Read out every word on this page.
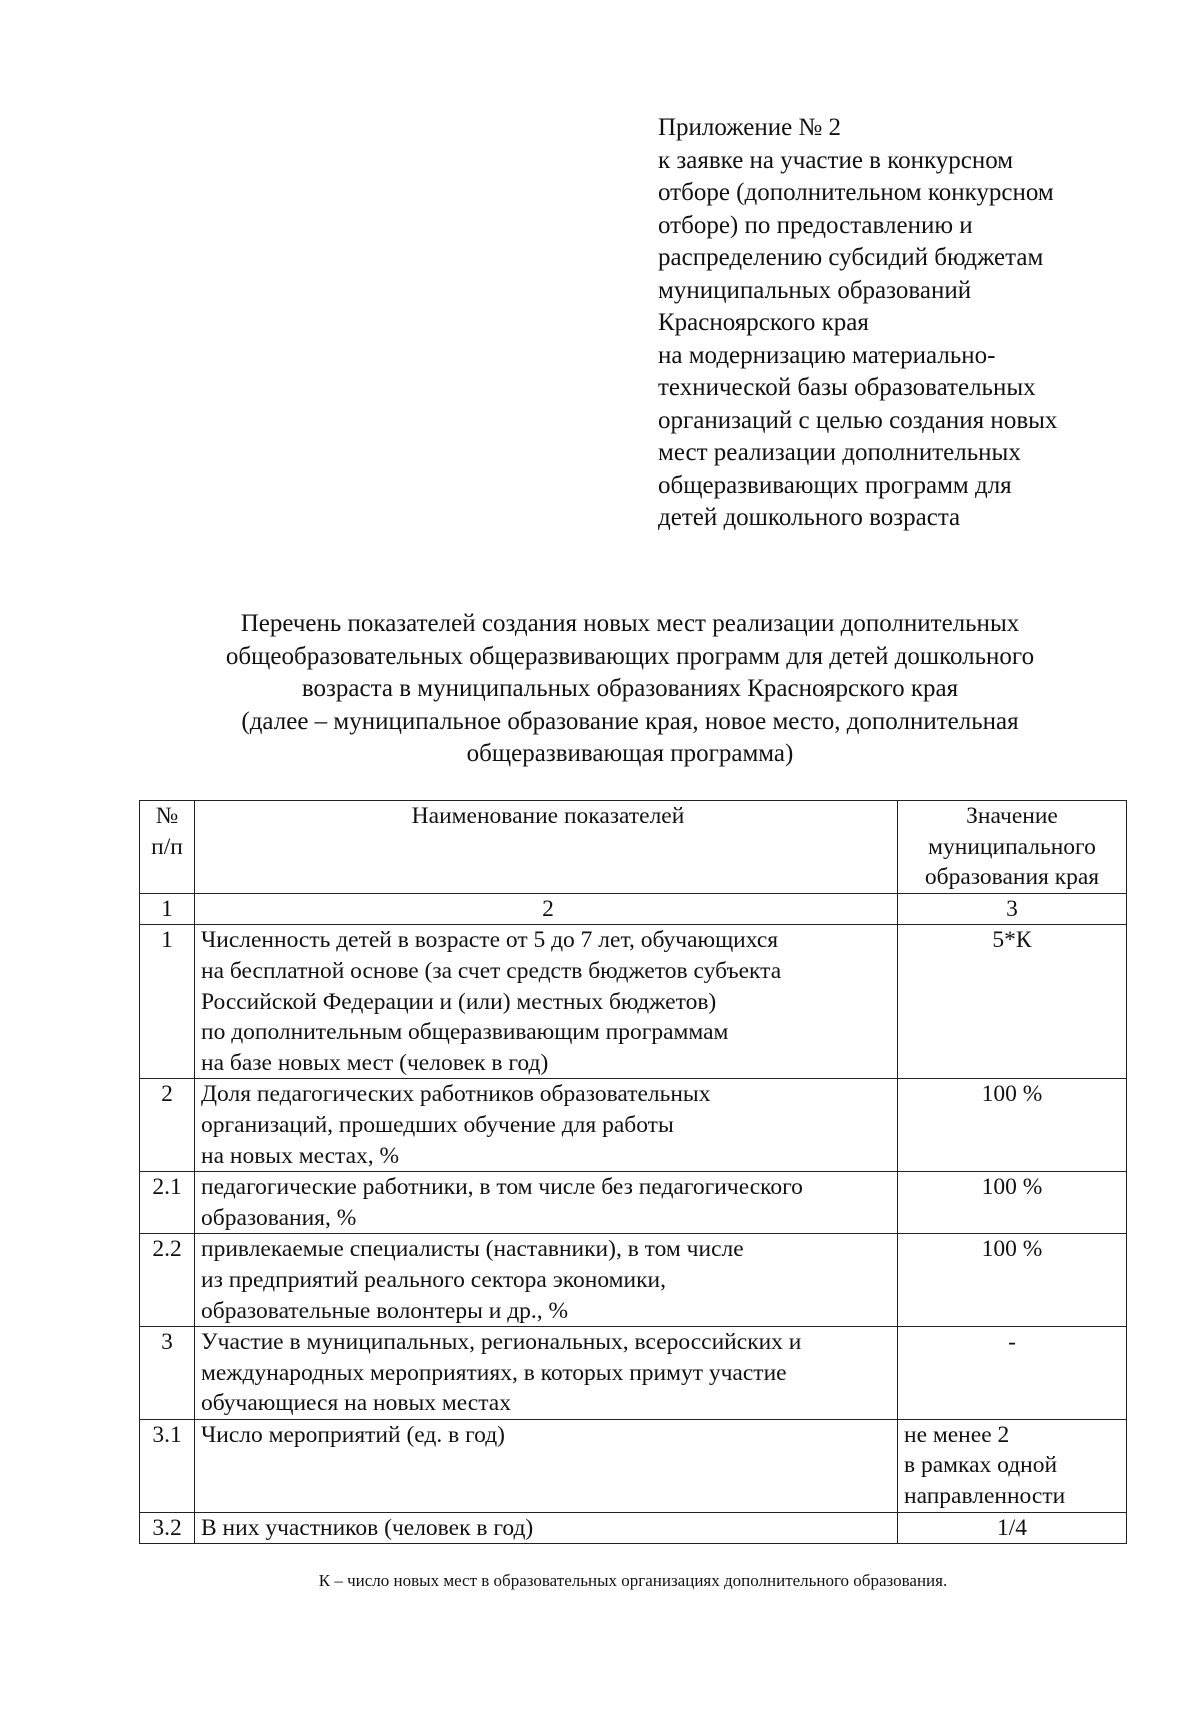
Приложение № 2
к заявке на участие в конкурсном
отборе (дополнительном конкурсном
отборе) по предоставлению и
распределению субсидий бюджетам
муниципальных образований
Красноярского края
на модернизацию материально-
технической базы образовательных
организаций с целью создания новых
мест реализации дополнительных
общеразвивающих программ для
детей дошкольного возраста
Перечень показателей создания новых мест реализации дополнительных
общеобразовательных общеразвивающих программ для детей дошкольного
возраста в муниципальных образованиях Красноярского края
(далее – муниципальное образование края, новое место, дополнительная
общеразвивающая программа)
№
п/п	Наименование показателей	Значение
муниципального
образования края

1	2	3
1	Численность детей в возрасте от 5 до 7 лет, обучающихся
на бесплатной основе (за счет средств бюджетов субъекта
Российской Федерации и (или) местных бюджетов)
по дополнительным общеразвивающим программам
на базе новых мест (человек в год)	5*К

2	Доля педагогических работников образовательных
организаций, прошедших обучение для работы
на новых местах, %	100 %

2.1	педагогические работники, в том числе без педагогического
образования, %	100 %

2.2	привлекаемые специалисты (наставники), в том числе
из предприятий реального сектора экономики,
образовательные волонтеры и др., %	100 %

3	Участие в муниципальных, региональных, всероссийских и
международных мероприятиях, в которых примут участие
обучающиеся на новых местах	-

3.1	Число мероприятий (ед. в год)	не менее 2
в рамках одной
направленности

3.2	В них участников (человек в год)	1/4
К – число новых мест в образовательных организациях дополнительного образования.
